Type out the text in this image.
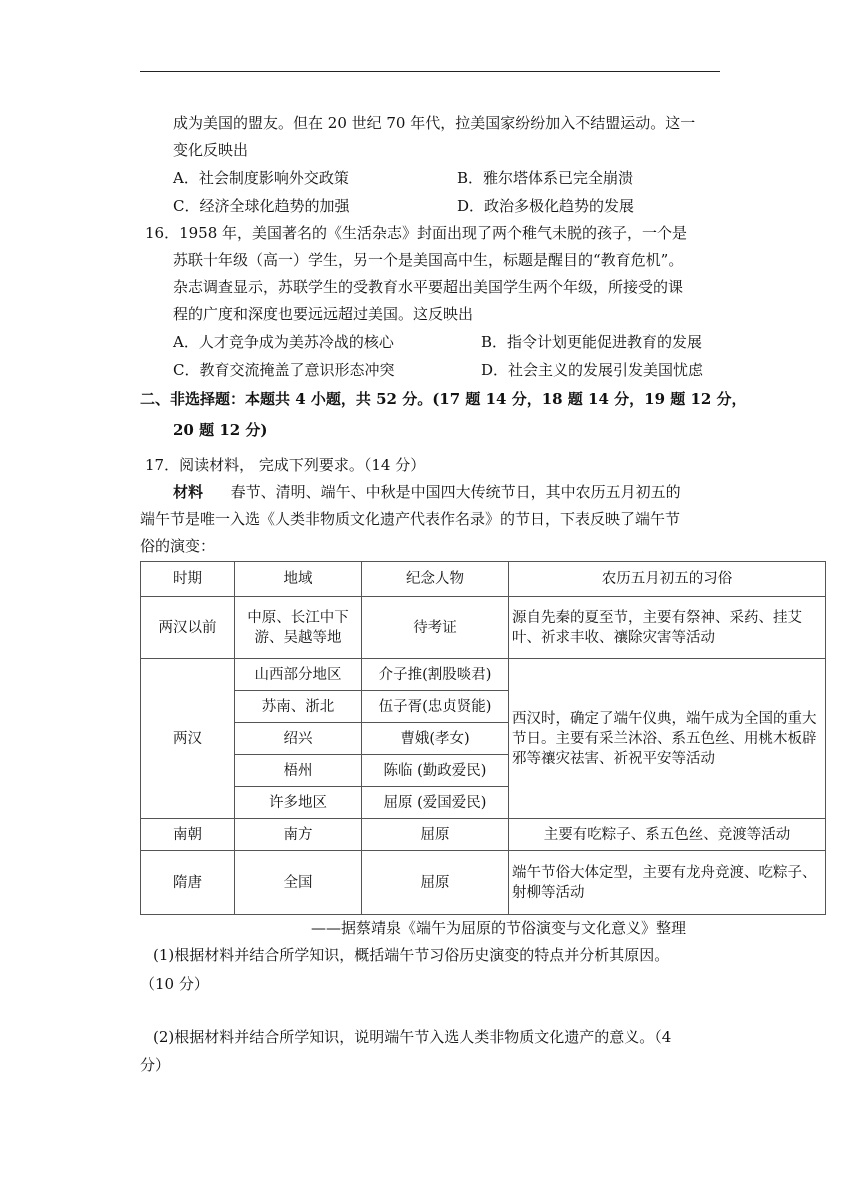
成为美国的盟友。但在 20 世纪 70 年代，拉美国家纷纷加入不结盟运动。这一
变化反映出
A．社会制度影响外交政策	B．雅尔塔体系已完全崩溃
C．经济全球化趋势的加强	D．政治多极化趋势的发展
16．1958 年，美国著名的《生活杂志》封面出现了两个稚气未脱的孩子，一个是
苏联十年级（高一）学生，另一个是美国高中生，标题是醒目的“教育危机”。
杂志调查显示，苏联学生的受教育水平要超出美国学生两个年级，所接受的课
程的广度和深度也要远远超过美国。这反映出
A．人才竞争成为美苏冷战的核心	B．指令计划更能促进教育的发展
C．教育交流掩盖了意识形态冲突	D．社会主义的发展引发美国忧虑
二、非选择题：本题共 4 小题，共 52 分。(17 题 14 分，18 题 14 分，19 题 12 分，
20 题 12 分)
17．阅读材料， 完成下列要求。（14 分）
材料 春节、清明、端午、中秋是中国四大传统节日，其中农历五月初五的
端午节是唯一入选《人类非物质文化遗产代表作名录》的节日，下表反映了端午节
俗的演变：
时期	地域	纪念人物	农历五月初五的习俗
两汉以前	中原、长江中下游、吴越等地	待考证	源自先秦的夏至节，主要有祭神、采药、挂艾叶、祈求丰收、禳除灾害等活动
两汉	山西部分地区	介子推(割股啖君)	西汉时，确定了端午仪典，端午成为全国的重大节日。主要有采兰沐浴、系五色丝、用桃木板辟邪等禳灾祛害、祈祝平安等活动
	苏南、浙北	伍子胥(忠贞贤能)	
	绍兴	曹娥(孝女)	
	梧州	陈临 (勤政爱民)	
	许多地区	屈原 (爱国爱民)	
南朝	南方	屈原	主要有吃粽子、系五色丝、竞渡等活动
隋唐	全国	屈原	端午节俗大体定型，主要有龙舟竞渡、吃粽子、射柳等活动
——据蔡靖泉《端午为屈原的节俗演变与文化意义》整理
(1)根据材料并结合所学知识，概括端午节习俗历史演变的特点并分析其原因。
（10 分）
(2)根据材料并结合所学知识，说明端午节入选人类非物质文化遗产的意义。（4
分）
